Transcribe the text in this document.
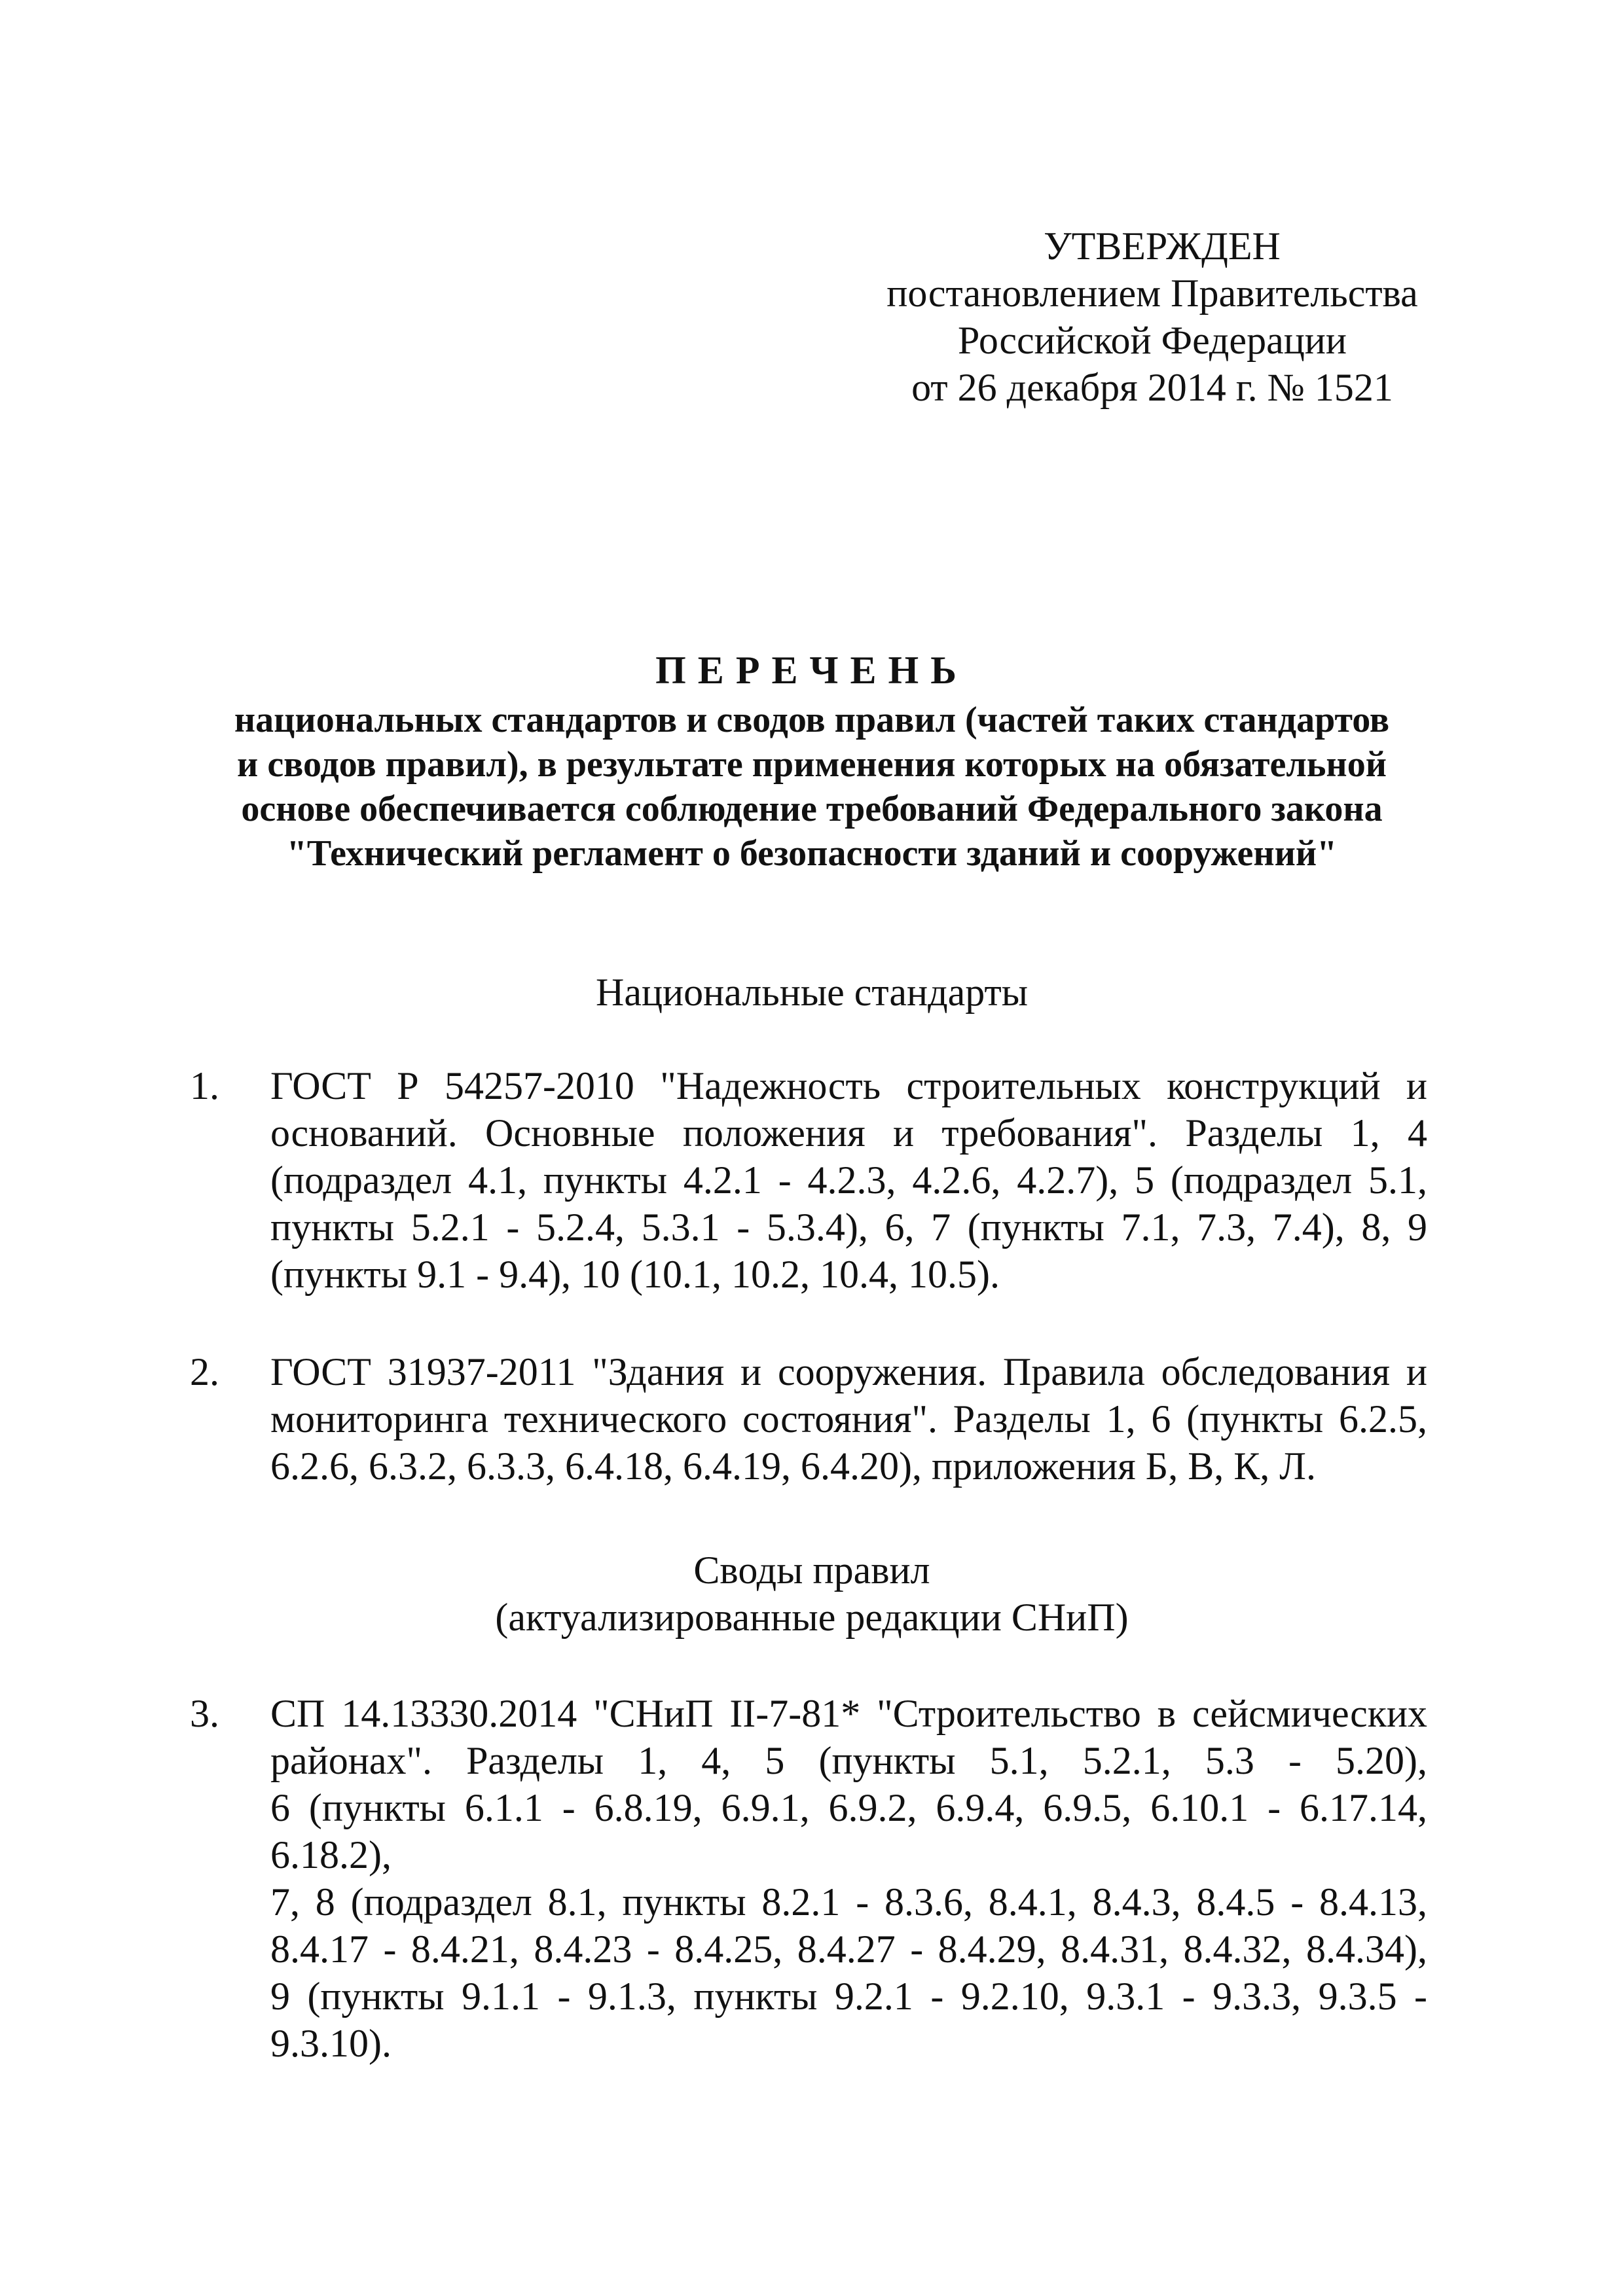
УТВЕРЖДЕН
постановлением Правительства
Российской Федерации
от 26 декабря 2014 г. № 1521
ПЕРЕЧЕНЬ
национальных стандартов и сводов правил (частей таких стандартов
и сводов правил), в результате применения которых на обязательной
основе обеспечивается соблюдение требований Федерального закона
"Технический регламент о безопасности зданий и сооружений"
Национальные стандарты
1.	ГОСТ Р 54257-2010 "Надежность строительных конструкций и
оснований. Основные положения и требования". Разделы 1, 4
(подраздел 4.1, пункты 4.2.1 - 4.2.3, 4.2.6, 4.2.7), 5 (подраздел 5.1,
пункты 5.2.1 - 5.2.4, 5.3.1 - 5.3.4), 6, 7 (пункты 7.1, 7.3, 7.4), 8, 9
(пункты 9.1 - 9.4), 10 (10.1, 10.2, 10.4, 10.5).
2.	ГОСТ 31937-2011 "Здания и сооружения. Правила обследования и
мониторинга технического состояния". Разделы 1, 6 (пункты 6.2.5,
6.2.6, 6.3.2, 6.3.3, 6.4.18, 6.4.19, 6.4.20), приложения Б, В, К, Л.
Своды правил
(актуализированные редакции СНиП)
3.	СП 14.13330.2014 "СНиП II-7-81* "Строительство в сейсмических
районах". Разделы 1, 4, 5 (пункты 5.1, 5.2.1, 5.3 - 5.20),
6 (пункты 6.1.1 - 6.8.19, 6.9.1, 6.9.2, 6.9.4, 6.9.5, 6.10.1 - 6.17.14, 6.18.2),
7, 8 (подраздел 8.1, пункты 8.2.1 - 8.3.6, 8.4.1, 8.4.3, 8.4.5 - 8.4.13,
8.4.17 - 8.4.21, 8.4.23 - 8.4.25, 8.4.27 - 8.4.29, 8.4.31, 8.4.32, 8.4.34),
9 (пункты 9.1.1 - 9.1.3, пункты 9.2.1 - 9.2.10, 9.3.1 - 9.3.3, 9.3.5 - 9.3.10).
